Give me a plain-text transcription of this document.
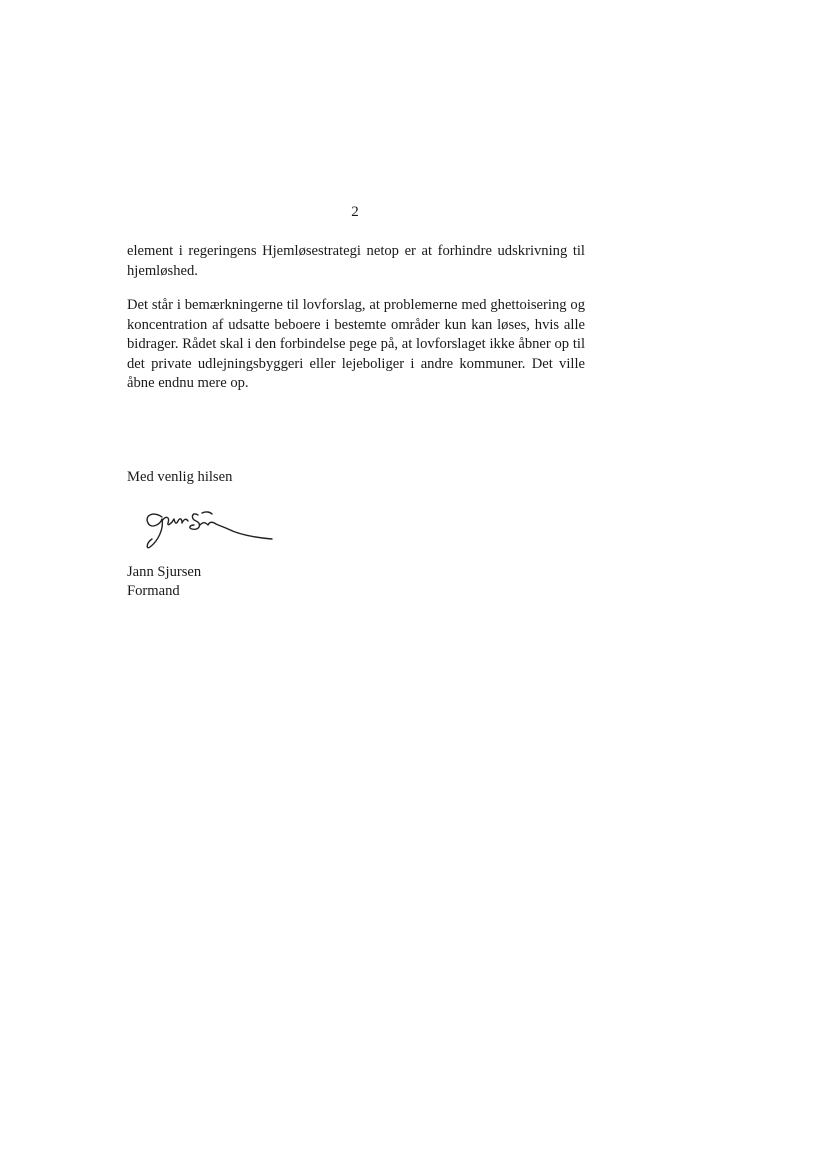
2

element i regeringens Hjemløsestrategi netop er at forhindre udskrivning til hjemløshed.

Det står i bemærkningerne til lovforslag, at problemerne med ghettoisering og koncentration af udsatte beboere i bestemte områder kun kan løses, hvis alle bidrager. Rådet skal i den forbindelse pege på, at lovforslaget ikke åbner op til det private udlejningsbyggeri eller lejeboliger i andre kommuner. Det ville åbne endnu mere op.

Med venlig hilsen

Jann Sjursen

Formand
